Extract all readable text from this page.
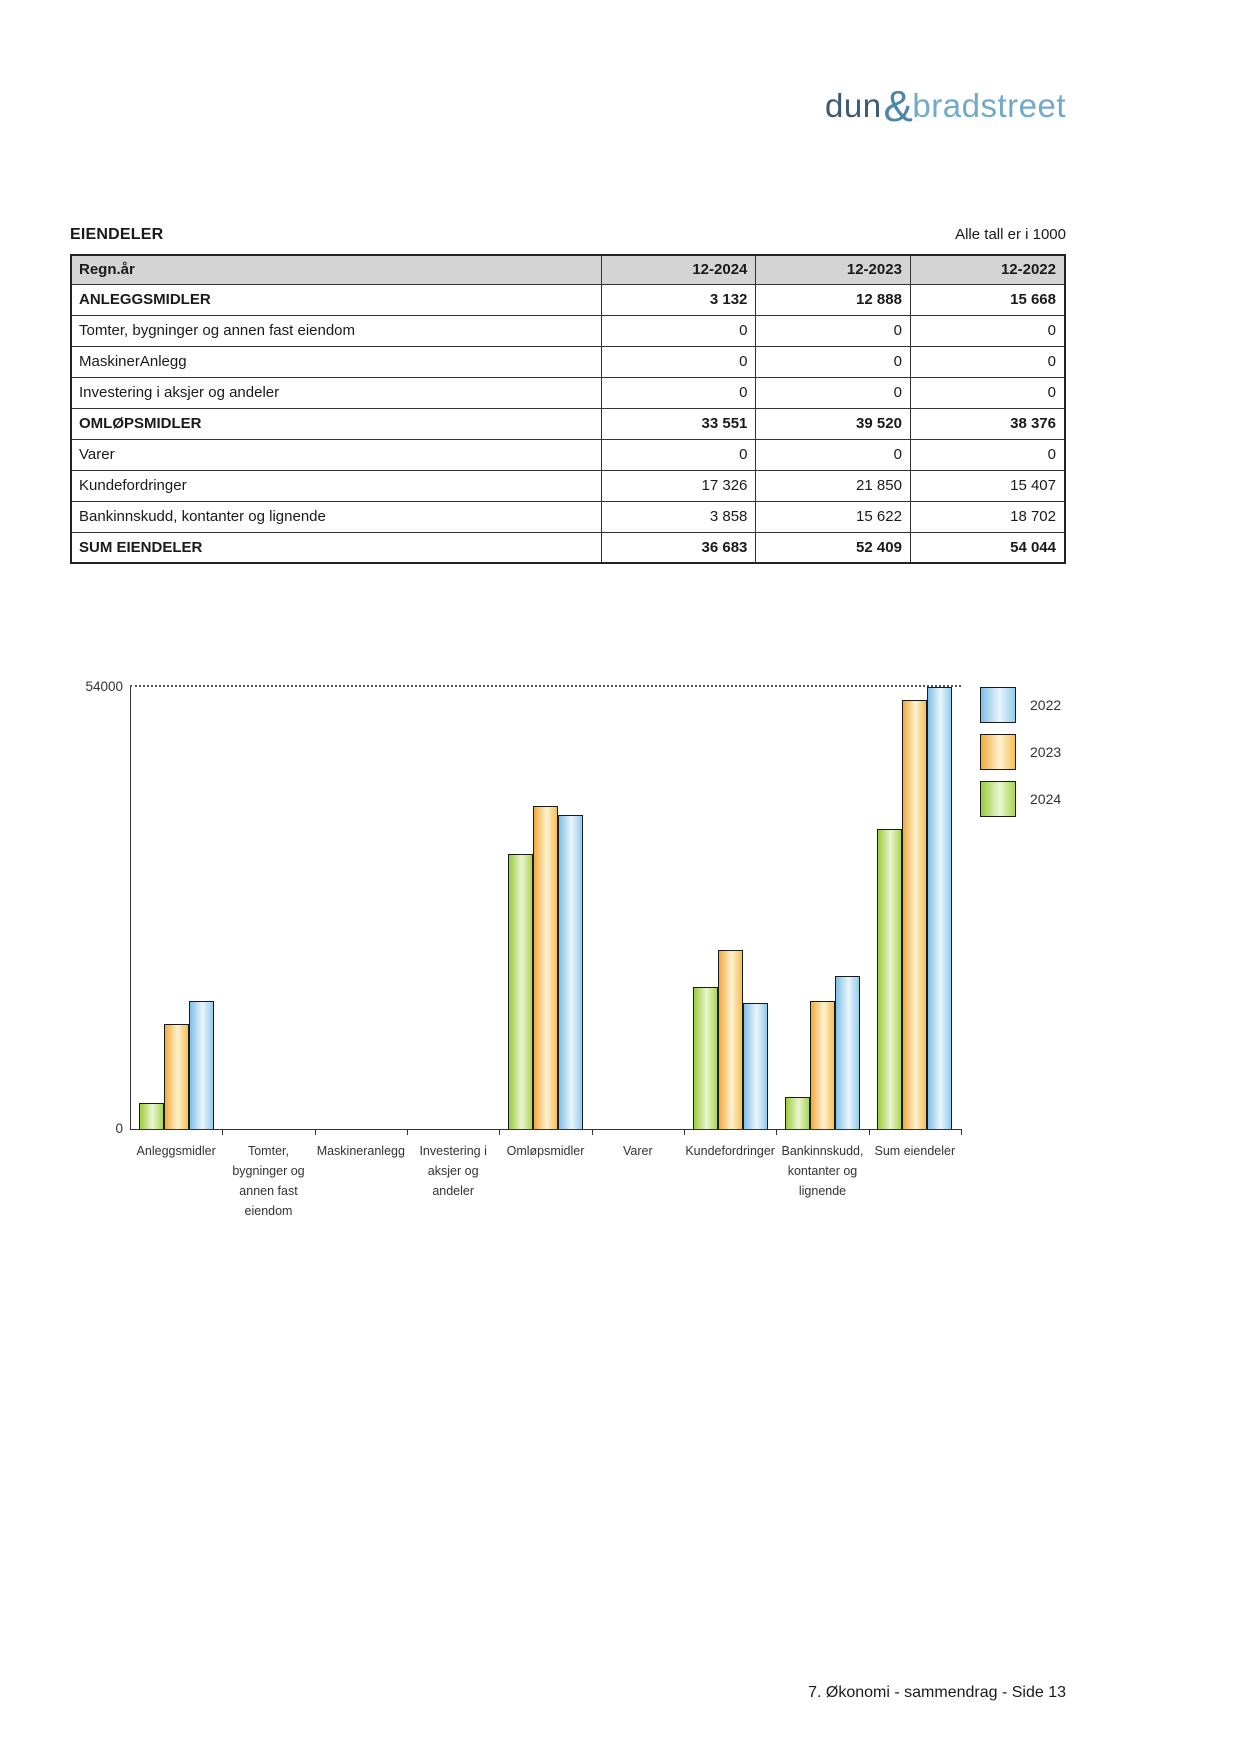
dun&bradstreet
EIENDELER	Alle tall er i 1000
Regn.år	12-2024	12-2023	12-2022
ANLEGGSMIDLER	3 132	12 888	15 668
Tomter, bygninger og annen fast eiendom	0	0	0
MaskinerAnlegg	0	0	0
Investering i aksjer og andeler	0	0	0
OMLØPSMIDLER	33 551	39 520	38 376
Varer	0	0	0
Kundefordringer	17 326	21 850	15 407
Bankinnskudd, kontanter og lignende	3 858	15 622	18 702
SUM EIENDELER	36 683	52 409	54 044
54000
0
Anleggsmidler	Tomter,
bygninger og
annen fast
eiendom
Maskineranlegg	Investering i
aksjer og
andeler
Omløpsmidler	Varer	Kundefordringer Bankinnskudd,
kontanter og
lignende
Sum eiendeler
2022
2023
2024
7. Økonomi - sammendrag - Side 13
